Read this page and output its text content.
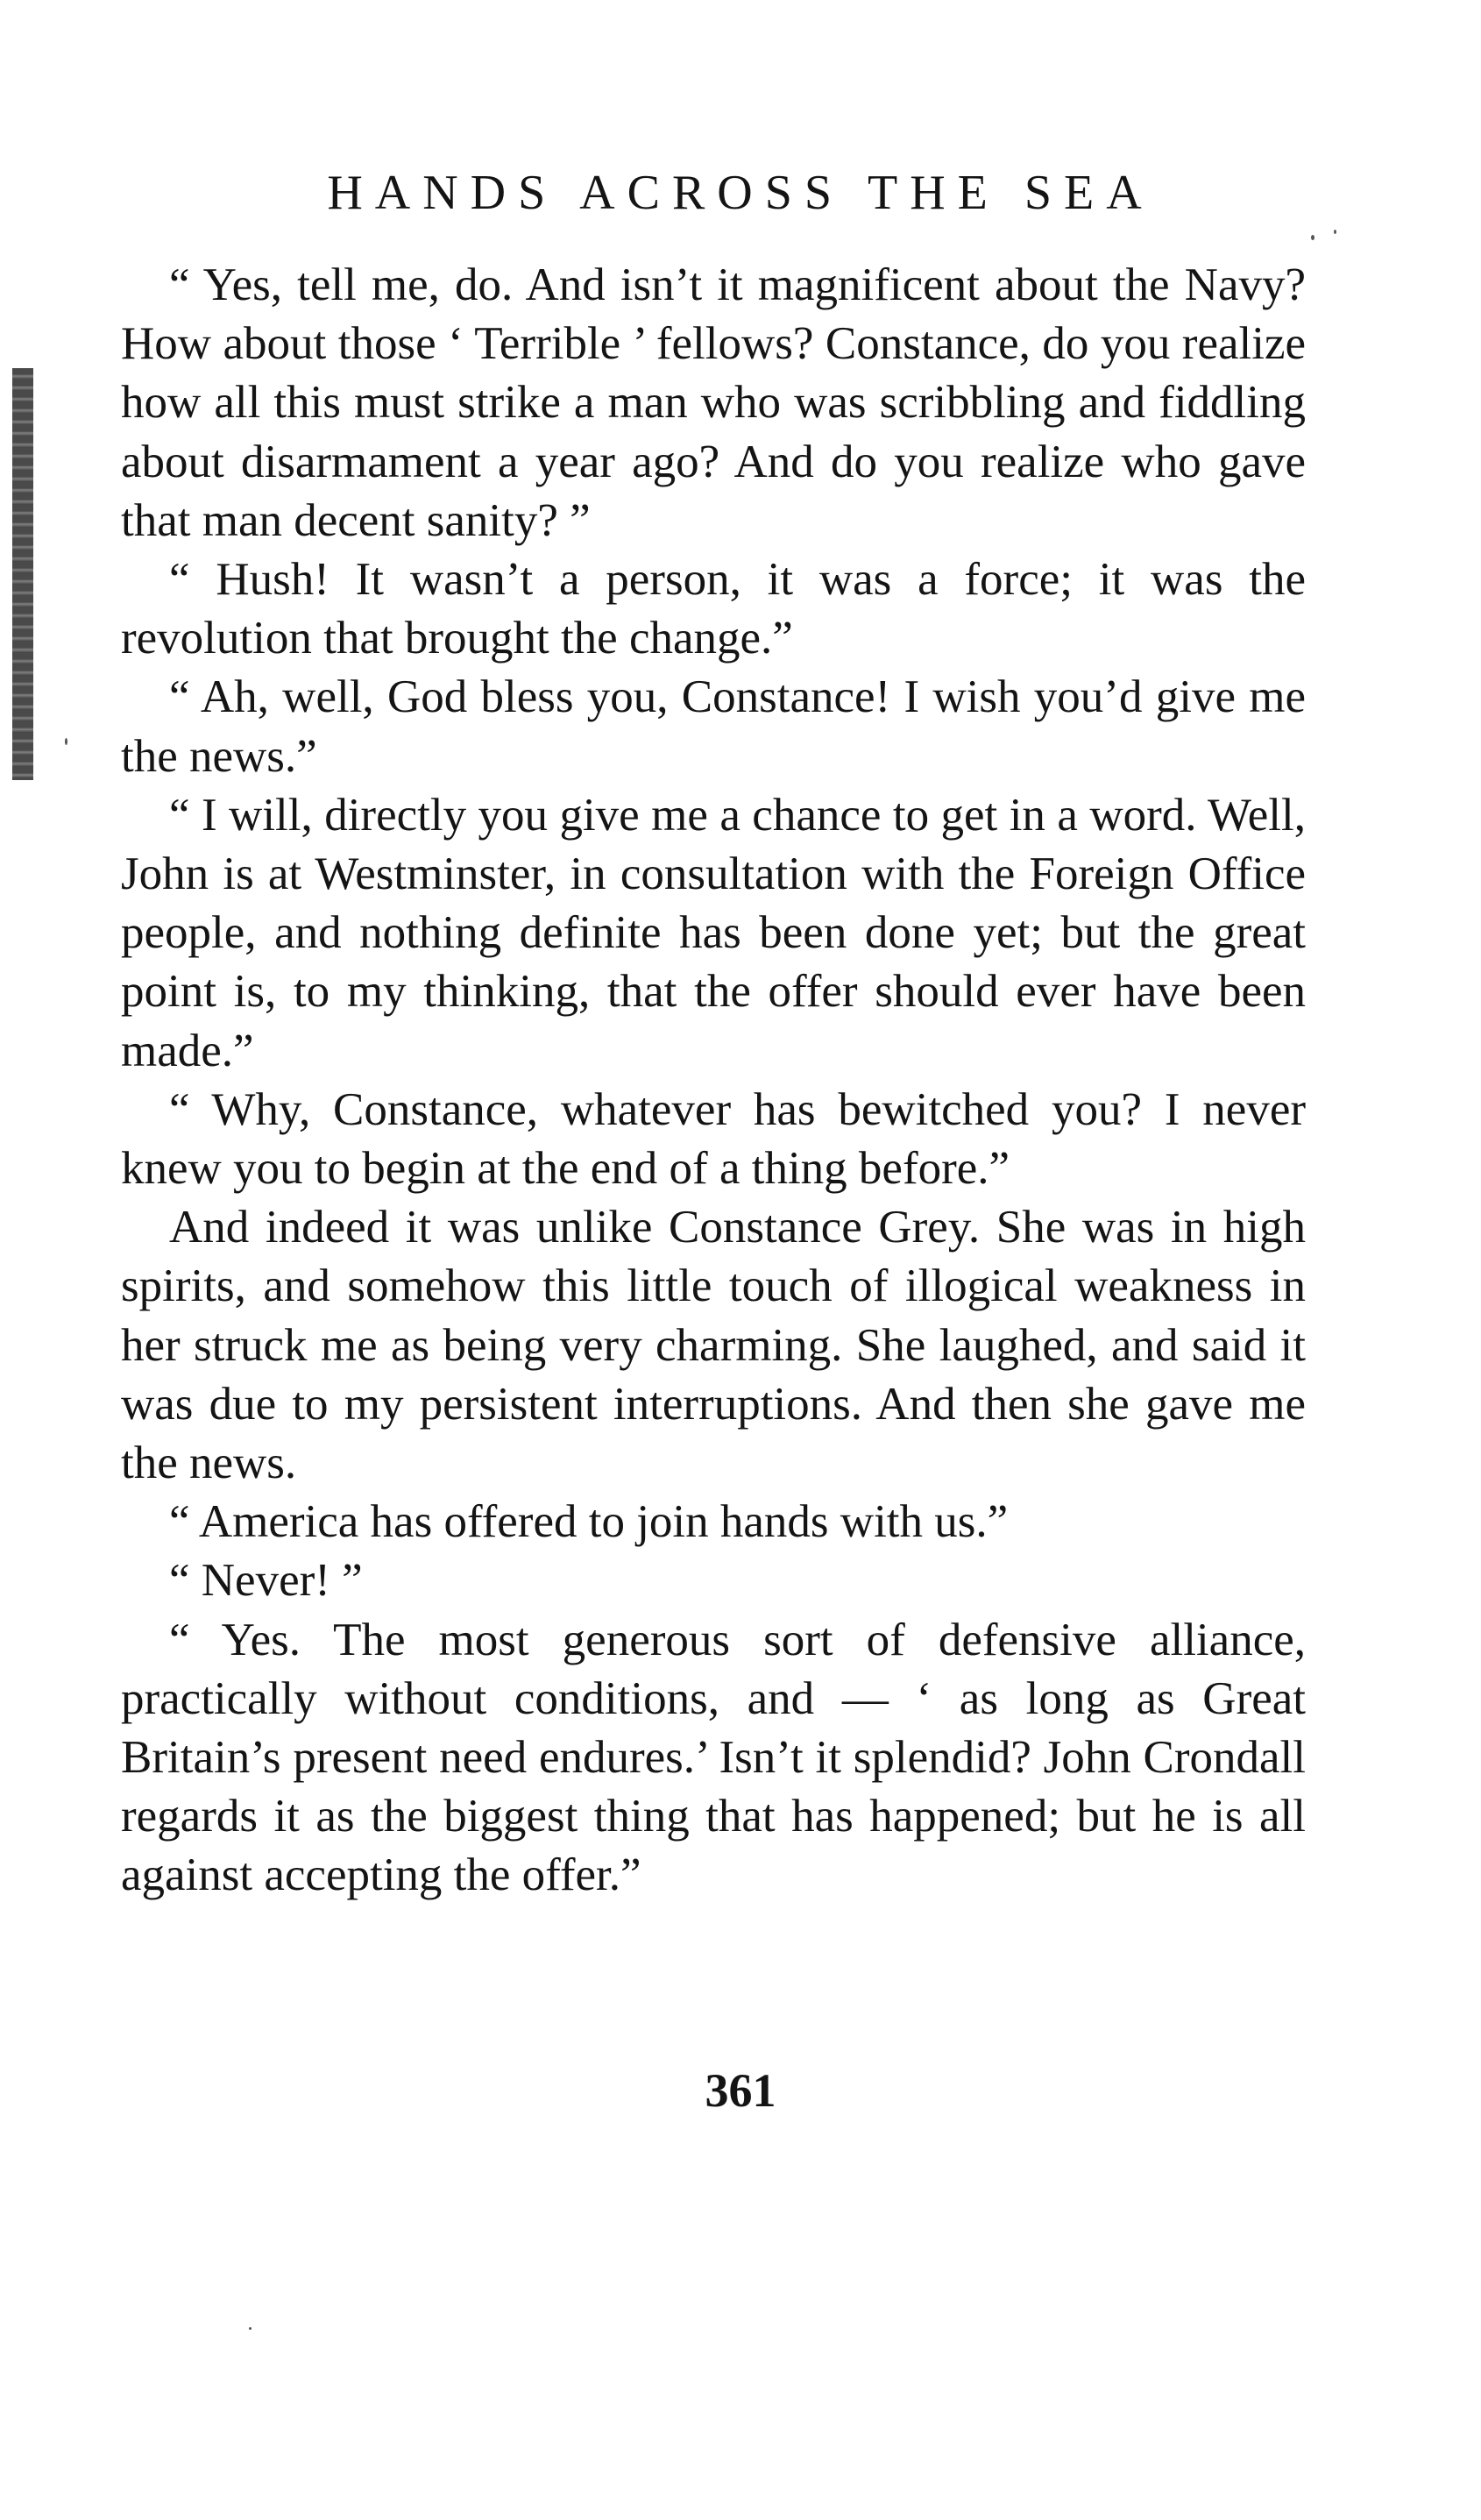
HANDS ACROSS THE SEA

“ Yes, tell me, do. And isn’t it magnificent about the Navy? How about those ‘ Terrible ’ fellows? Constance, do you realize how all this must strike a man who was scribbling and fiddling about disarmament a year ago? And do you realize who gave that man decent sanity? ”

“ Hush! It wasn’t a person, it was a force; it was the revolution that brought the change.”

“ Ah, well, God bless you, Constance! I wish you’d give me the news.”

“ I will, directly you give me a chance to get in a word. Well, John is at Westminster, in consultation with the Foreign Office people, and nothing definite has been done yet; but the great point is, to my thinking, that the offer should ever have been made.”

“ Why, Constance, whatever has bewitched you? I never knew you to begin at the end of a thing before.”

And indeed it was unlike Constance Grey. She was in high spirits, and somehow this little touch of illogical weakness in her struck me as being very charming. She laughed, and said it was due to my persistent interruptions. And then she gave me the news.

“ America has offered to join hands with us.”

“ Never! ”

“ Yes. The most generous sort of defensive alliance, practically without conditions, and — ‘ as long as Great Britain’s present need endures.’ Isn’t it splendid? John Crondall regards it as the biggest thing that has happened; but he is all against accepting the offer.”

361
